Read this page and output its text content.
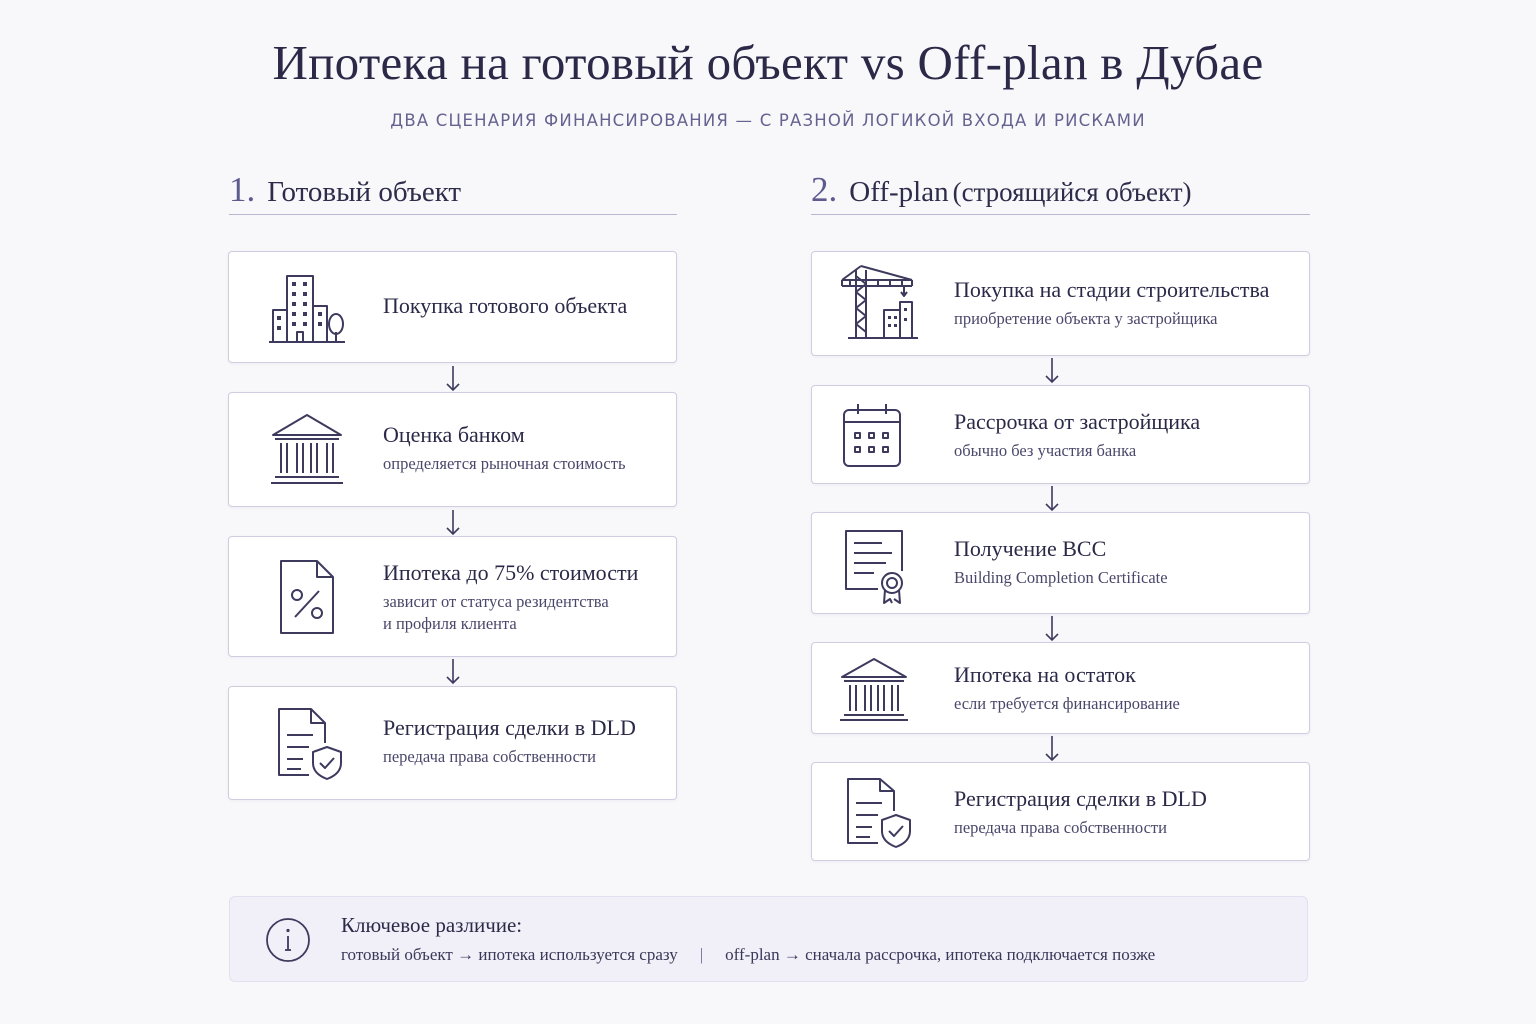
Ипотека на готовый объект vs Off-plan в Дубае
ДВА СЦЕНАРИЯ ФИНАНСИРОВАНИЯ — С РАЗНОЙ ЛОГИКОЙ ВХОДА И РИСКАМИ
1. Готовый объект
Покупка готового объекта
Оценка банком
определяется рыночная стоимость
Ипотека до 75% стоимости
зависит от статуса резидентства
и профиля клиента
Регистрация сделки в DLD
передача права собственности
2. Off-plan (строящийся объект)
Покупка на стадии строительства
приобретение объекта у застройщика
Рассрочка от застройщика
обычно без участия банка
Получение BCC
Building Completion Certificate
Ипотека на остаток
если требуется финансирование
Регистрация сделки в DLD
передача права собственности
Ключевое различие:
готовый объект → ипотека используется сразу | off-plan → сначала рассрочка, ипотека подключается позже
